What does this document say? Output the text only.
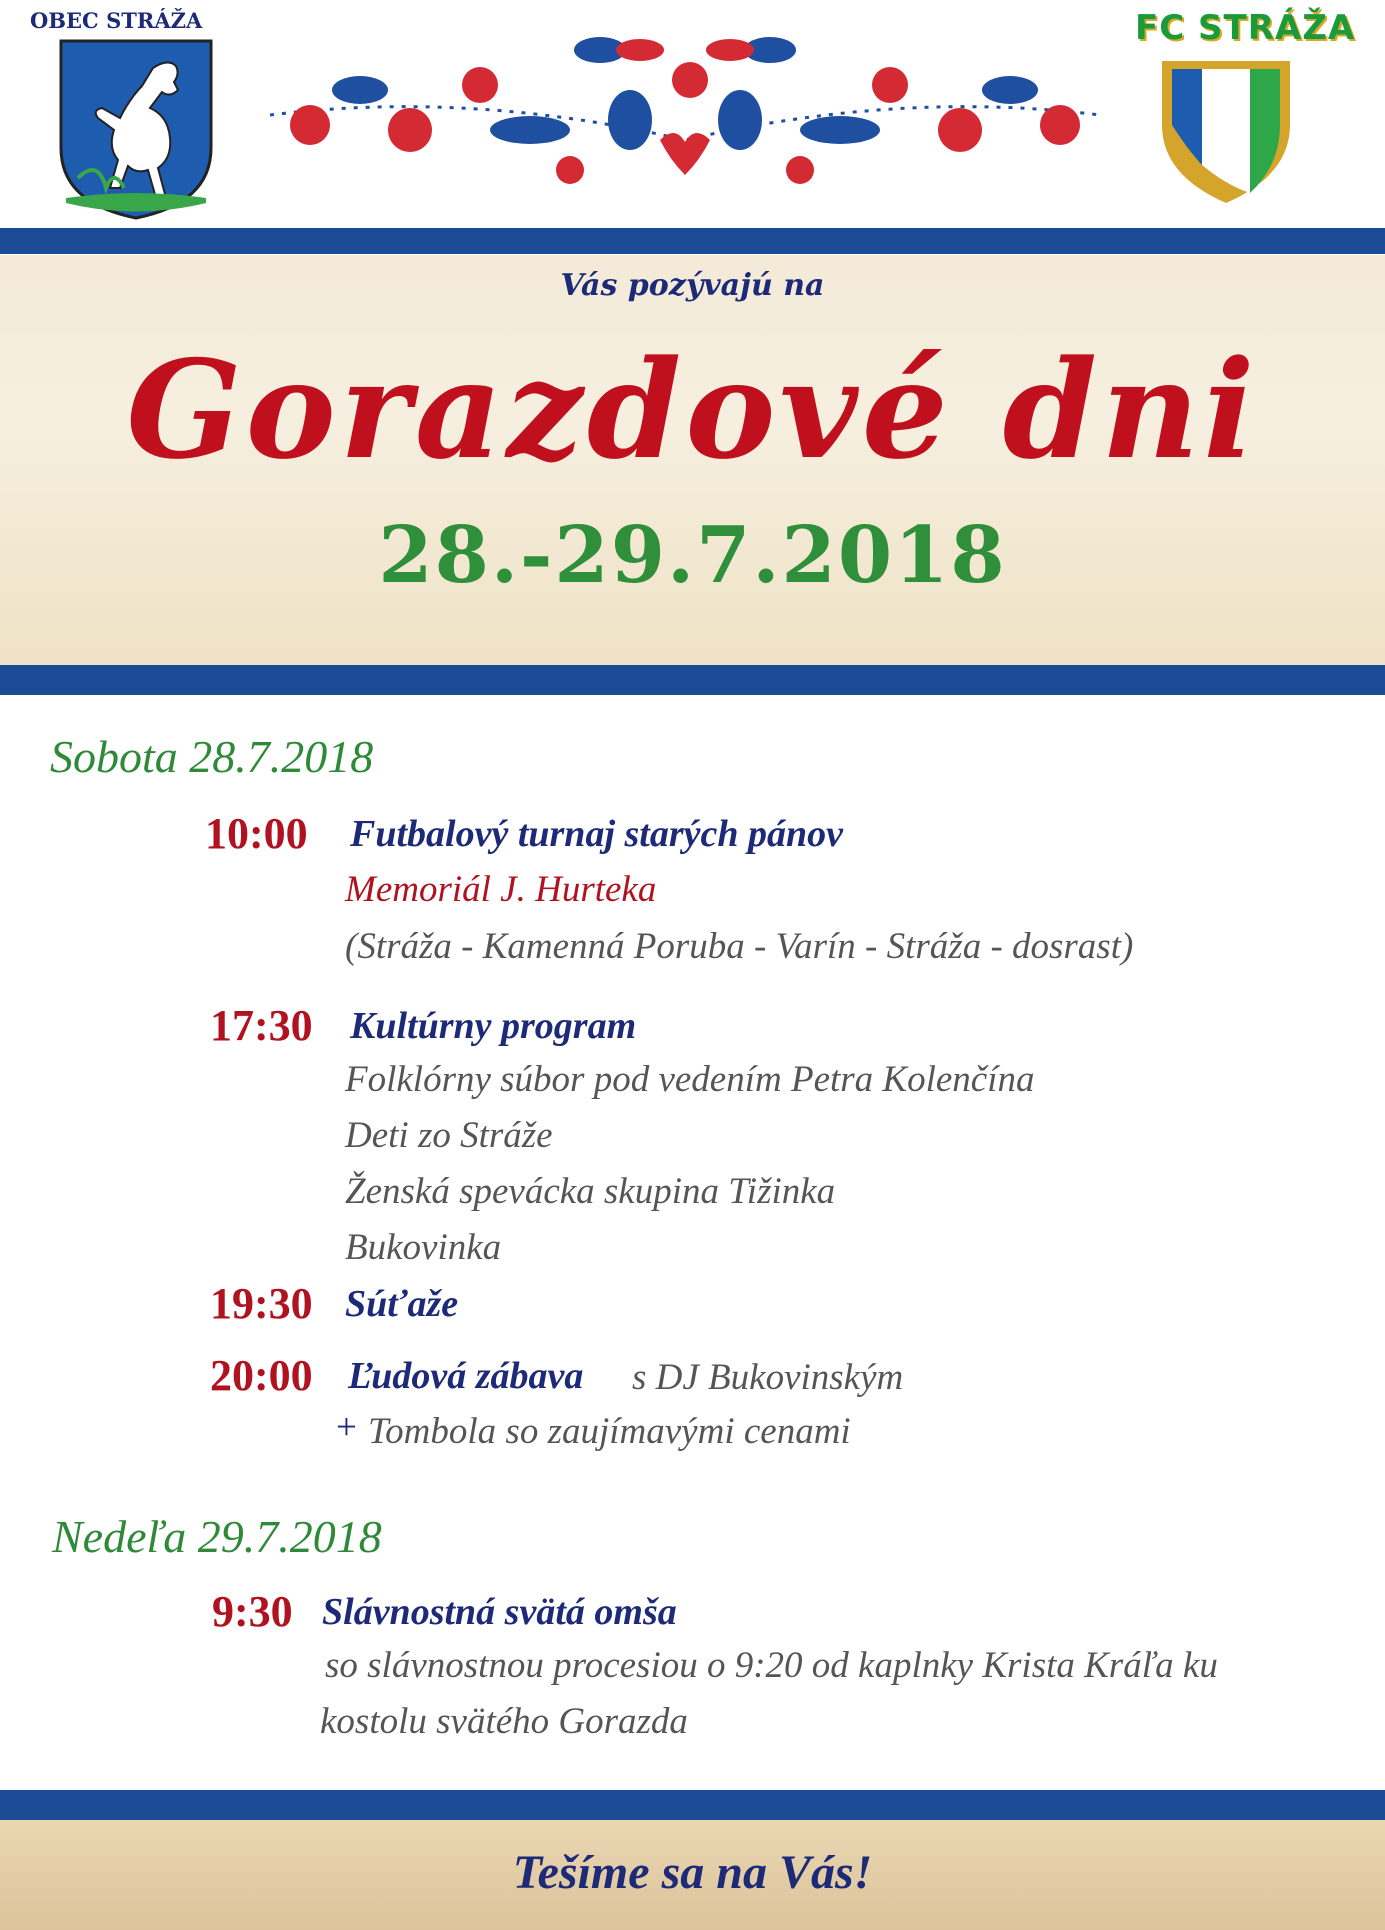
OBEC STRÁŽA	FC STRÁŽA
Vás pozývajú na
Gorazdové dni
28.-29.7.2018
Sobota 28.7.2018
10:00 Futbalový turnaj starých pánov
Memoriál J. Hurteka
(Stráža - Kamenná Poruba - Varín - Stráža - dosrast)
17:30 Kultúrny program
Folklórny súbor pod vedením Petra Kolenčína
Deti zo Stráže
Ženská spevácka skupina Tižinka
Bukovinka
19:30 Súťaže
20:00 Ľudová zábava s DJ Bukovinským
+ Tombola so zaujímavými cenami
Nedeľa 29.7.2018
9:30 Slávnostná svätá omša
so slávnostnou procesiou o 9:20 od kaplnky Krista Kráľa ku
kostolu svätého Gorazda
Tešíme sa na Vás!
